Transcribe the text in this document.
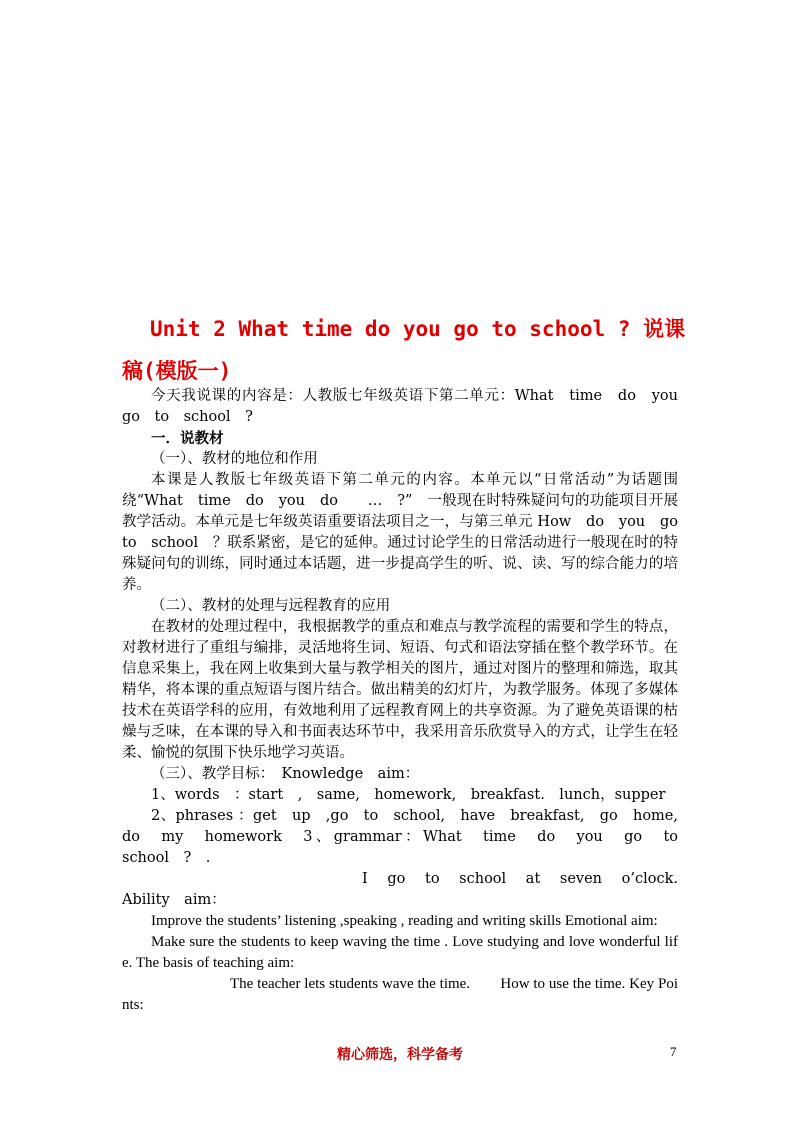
Unit 2 What time do you go to school ? 说课稿(模版一)

今天我说课的内容是：人教版七年级英语下第二单元：What　time　do　you　go　to　school　?

一．说教材

（一）、教材的地位和作用

本课是人教版七年级英语下第二单元的内容。本单元以“日常活动”为话题围绕“What　time　do　you　do　　…　?”　一般现在时特殊疑问句的功能项目开展教学活动。本单元是七年级英语重要语法项目之一，与第三单元 How　do　you　go　to　school　？联系紧密，是它的延伸。通过讨论学生的日常活动进行一般现在时的特殊疑问句的训练，同时通过本话题，进一步提高学生的听、说、读、写的综合能力的培养。

（二）、教材的处理与远程教育的应用

在教材的处理过程中，我根据教学的重点和难点与教学流程的需要和学生的特点，对教材进行了重组与编排，灵活地将生词、短语、句式和语法穿插在整个教学环节。在信息采集上，我在网上收集到大量与教学相关的图片，通过对图片的整理和筛选，取其精华，将本课的重点短语与图片结合。做出精美的幻灯片，为教学服务。体现了多媒体技术在英语学科的应用，有效地利用了远程教育网上的共享资源。为了避免英语课的枯燥与乏味，在本课的导入和书面表达环节中，我采用音乐欣赏导入的方式，让学生在轻柔、愉悦的氛围下快乐地学习英语。

（三）、教学目标：　Knowledge　aim：

1、words　：start　,　same,　homework,　breakfast.　lunch，supper

2、phrases ：get　up　,go　to　school,　have　breakfast,　go　home,　do　my　homework　3、grammar：What　time　do　you　go　to　school　?　.

I　go　to　school　at　seven　o’clock.　Ability　aim：

Improve the students’ listening ,speaking , reading and writing skills Emotional aim:

Make sure the students to keep waving the time . Love studying and love wonderful life. The basis of teaching aim:

The teacher lets students wave the time.　　How to use the time. Key Points:

精心筛选，科学备考	7
